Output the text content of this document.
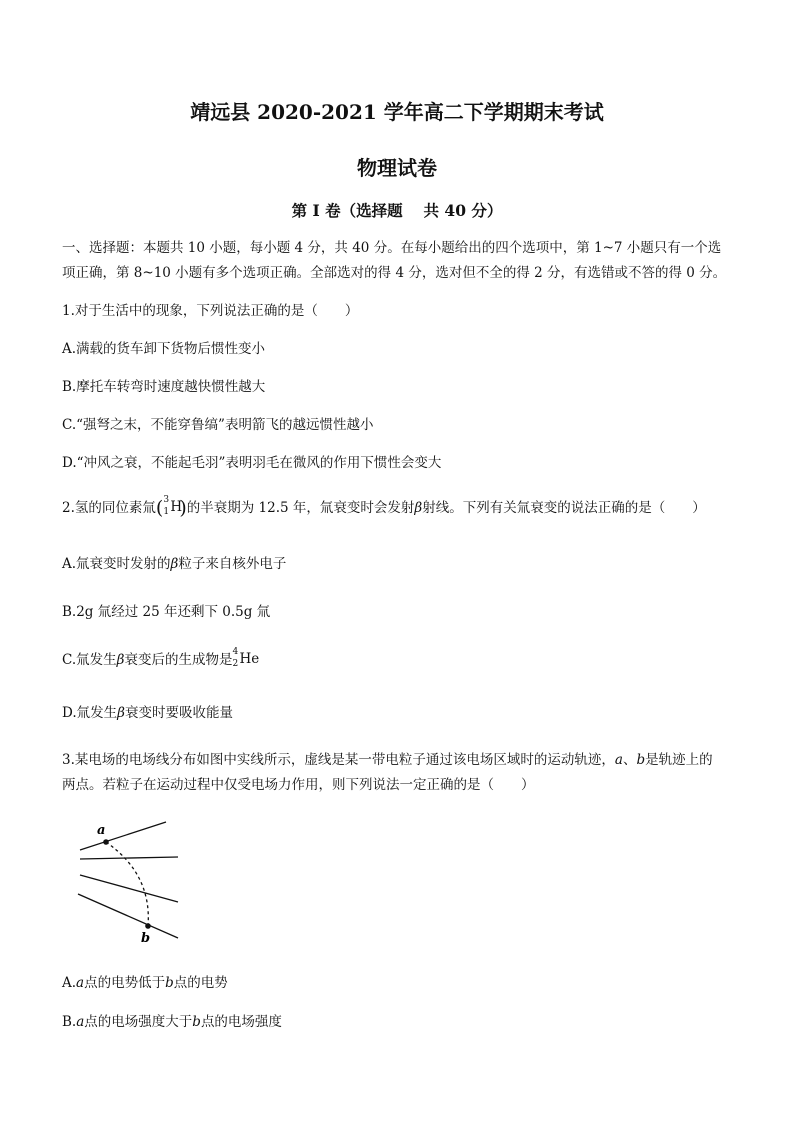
靖远县 2020-2021 学年高二下学期期末考试
物理试卷
第 I 卷（选择题　 共 40 分）
一、选择题：本题共 10 小题，每小题 4 分，共 40 分。在每小题给出的四个选项中，第 1~7 小题只有一个选
项正确，第 8~10 小题有多个选项正确。全部选对的得 4 分，选对但不全的得 2 分，有选错或不答的得 0 分。
1.对于生活中的现象，下列说法正确的是（　　）
A.满载的货车卸下货物后惯性变小
B.摩托车转弯时速度越快惯性越大
C.“强弩之末，不能穿鲁缟”表明箭飞的越远惯性越小
D.“冲风之衰，不能起毛羽”表明羽毛在微风的作用下惯性会变大
2.氢的同位素氚( 3
1 H
)的半衰期为 12.5 年，氚衰变时会发射β射线。下列有关氚衰变的说法正确的是（　　）
A.氚衰变时发射的β粒子来自核外电子
B.2g 氚经过 25 年还剩下 0.5g 氚
C.氚发生β衰变后的生成物是 4
2 He
D.氚发生β衰变时要吸收能量
3.某电场的电场线分布如图中实线所示，虚线是某一带电粒子通过该电场区域时的运动轨迹，a、b是轨迹上的
两点。若粒子在运动过程中仅受电场力作用，则下列说法一定正确的是（　　）
a
b
A.a点的电势低于b点的电势
B.a点的电场强度大于b点的电场强度
